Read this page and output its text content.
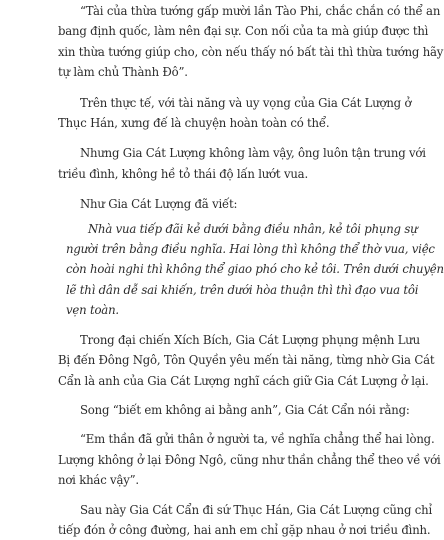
“Tài của thừa tướng gấp mười lần Tào Phi, chắc chắn có thể an
bang định quốc, làm nên đại sự. Con nối của ta mà giúp được thì
xin thừa tướng giúp cho, còn nếu thấy nó bất tài thì thừa tướng hãy
tự làm chủ Thành Đô”.
Trên thực tế, với tài năng và uy vọng của Gia Cát Lượng ở
Thục Hán, xưng đế là chuyện hoàn toàn có thể.
Nhưng Gia Cát Lượng không làm vậy, ông luôn tận trung với
triều đình, không hề tỏ thái độ lấn lướt vua.
Như Gia Cát Lượng đã viết:
Nhà vua tiếp đãi kẻ dưới bằng điều nhân, kẻ tôi phụng sự
người trên bằng điều nghĩa. Hai lòng thì không thể thờ vua, việc
còn hoài nghi thì không thể giao phó cho kẻ tôi. Trên dưới chuyện
lẽ thì dân dễ sai khiến, trên dưới hòa thuận thì thì đạo vua tôi
vẹn toàn.
Trong đại chiến Xích Bích, Gia Cát Lượng phụng mệnh Lưu
Bị đến Đông Ngô, Tôn Quyền yêu mến tài năng, từng nhờ Gia Cát
Cẩn là anh của Gia Cát Lượng nghĩ cách giữ Gia Cát Lượng ở lại.
Song “biết em không ai bằng anh”, Gia Cát Cẩn nói rằng:
“Em thần đã gửi thân ở người ta, về nghĩa chẳng thể hai lòng.
Lượng không ở lại Đông Ngô, cũng như thần chẳng thể theo về với
nơi khác vậy”.
Sau này Gia Cát Cẩn đi sứ Thục Hán, Gia Cát Lượng cũng chỉ
tiếp đón ở công đường, hai anh em chỉ gặp nhau ở nơi triều đình.
